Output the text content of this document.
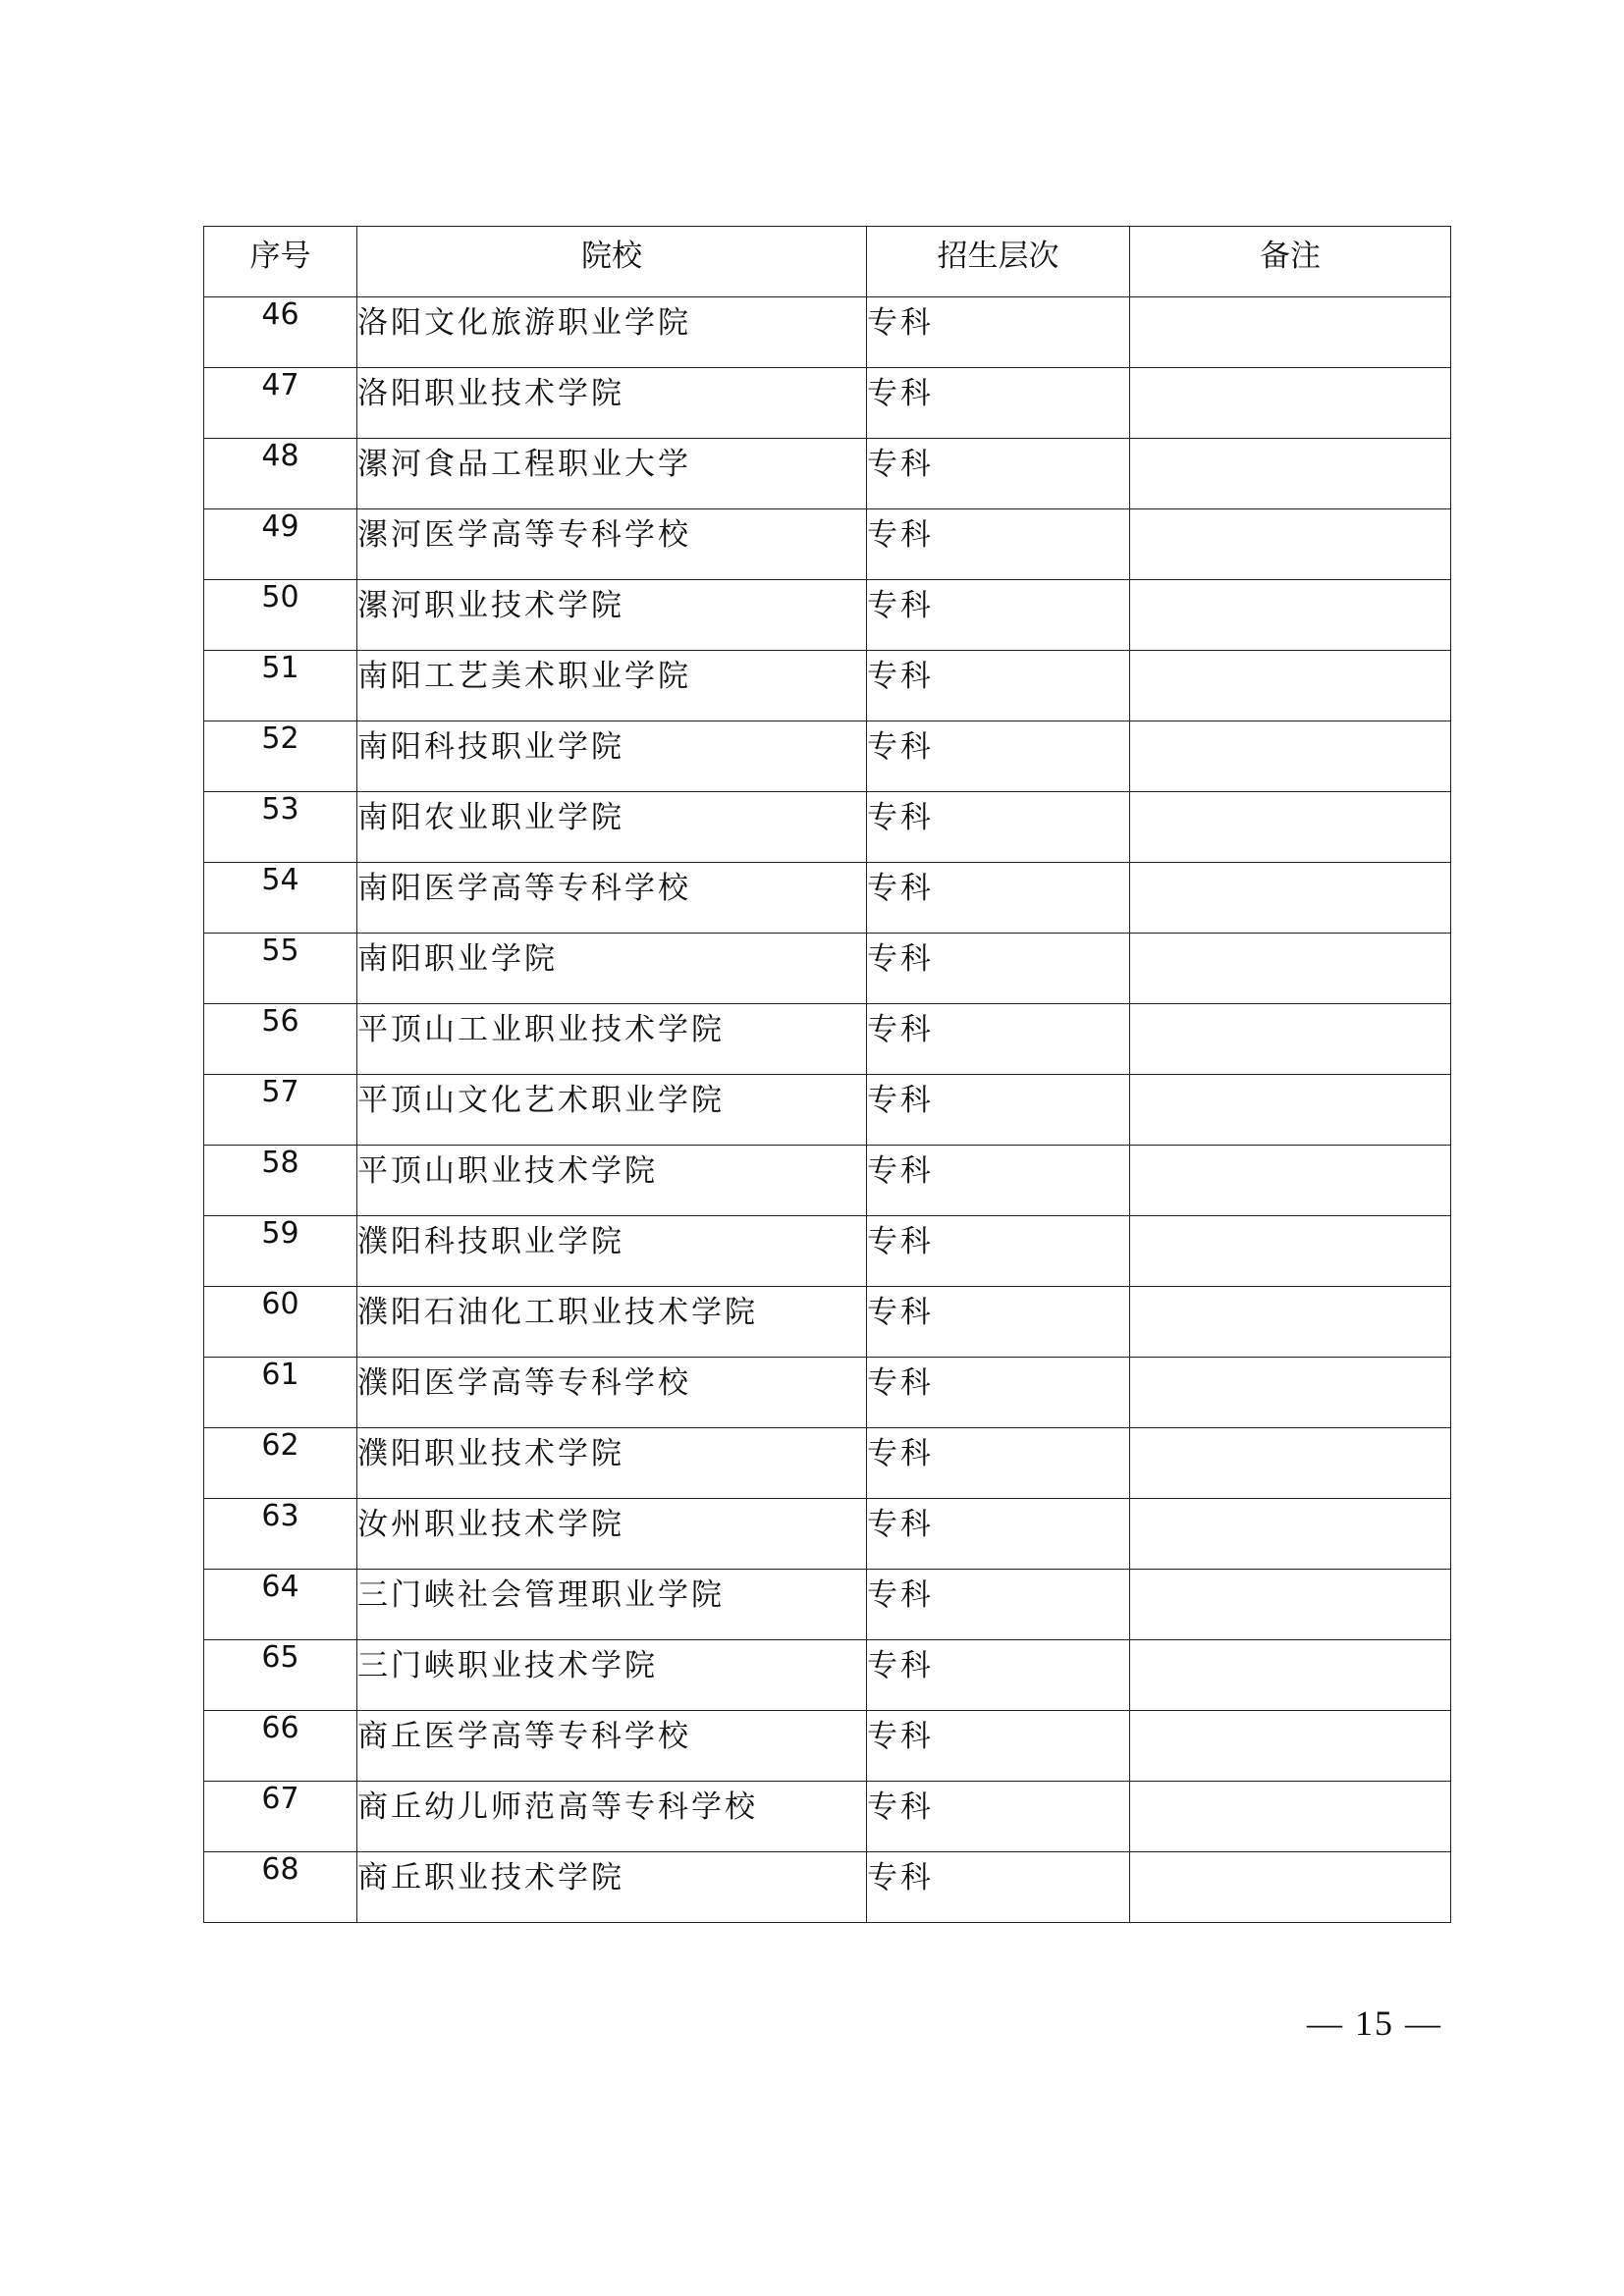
序号	院校	招生层次	备注
46	洛阳文化旅游职业学院	专科	
47	洛阳职业技术学院	专科	
48	漯河食品工程职业大学	专科	
49	漯河医学高等专科学校	专科	
50	漯河职业技术学院	专科	
51	南阳工艺美术职业学院	专科	
52	南阳科技职业学院	专科	
53	南阳农业职业学院	专科	
54	南阳医学高等专科学校	专科	
55	南阳职业学院	专科	
56	平顶山工业职业技术学院	专科	
57	平顶山文化艺术职业学院	专科	
58	平顶山职业技术学院	专科	
59	濮阳科技职业学院	专科	
60	濮阳石油化工职业技术学院	专科	
61	濮阳医学高等专科学校	专科	
62	濮阳职业技术学院	专科	
63	汝州职业技术学院	专科	
64	三门峡社会管理职业学院	专科	
65	三门峡职业技术学院	专科	
66	商丘医学高等专科学校	专科	
67	商丘幼儿师范高等专科学校	专科	
68	商丘职业技术学院	专科	
— 15 —
